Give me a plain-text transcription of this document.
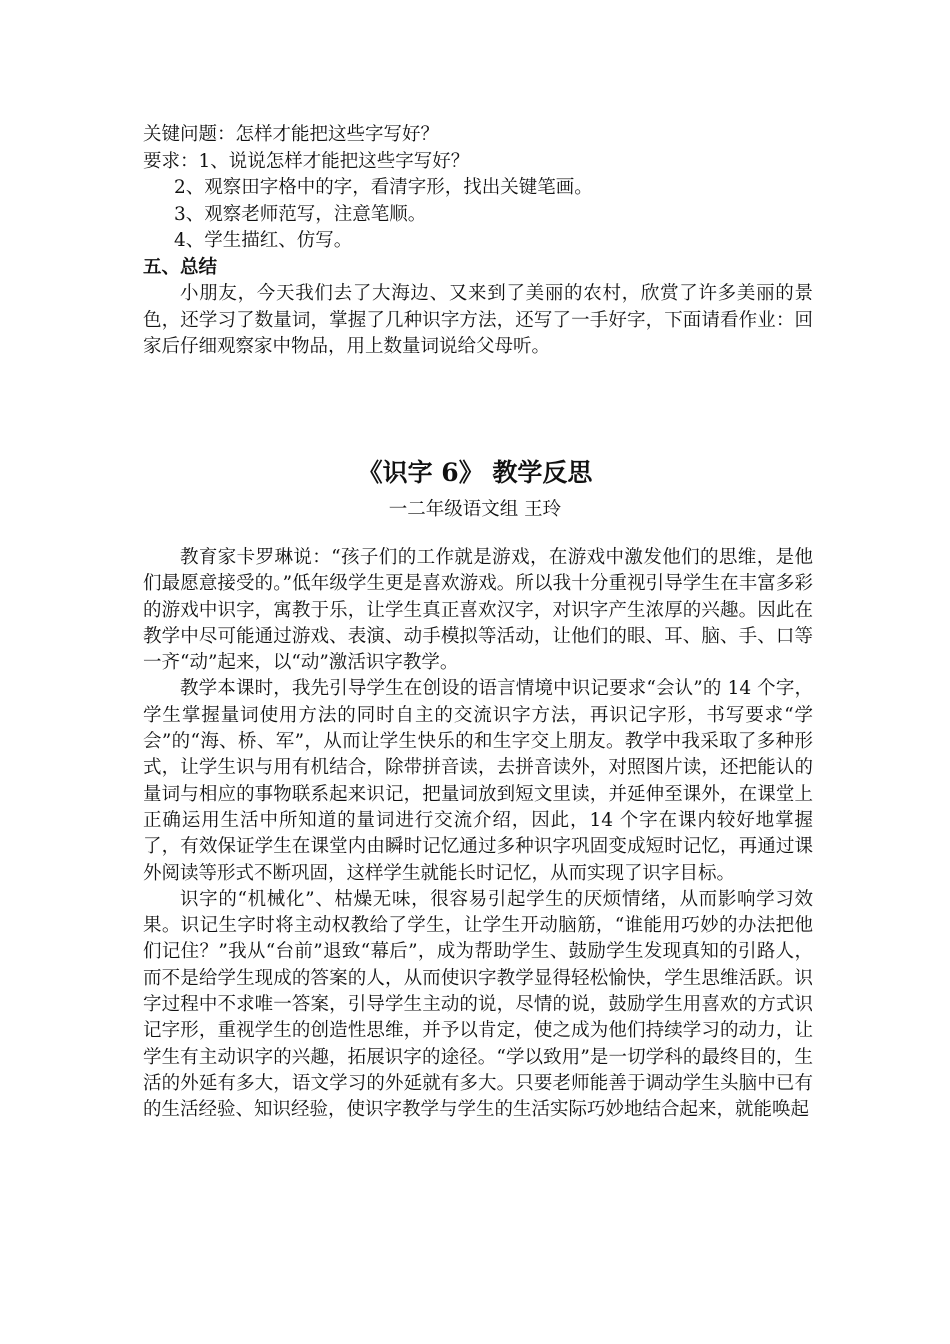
关键问题：怎样才能把这些字写好？
要求：1、说说怎样才能把这些字写好？
2、观察田字格中的字，看清字形，找出关键笔画。
3、观察老师范写，注意笔顺。
4、学生描红、仿写。
五、总结

小朋友，今天我们去了大海边、又来到了美丽的农村，欣赏了许多美丽的景色，还学习了数量词，掌握了几种识字方法，还写了一手好字，下面请看作业：回家后仔细观察家中物品，用上数量词说给父母听。

《识字 6》 教学反思
一二年级语文组 王玲

教育家卡罗琳说：“孩子们的工作就是游戏，在游戏中激发他们的思维，是他们最愿意接受的。”低年级学生更是喜欢游戏。所以我十分重视引导学生在丰富多彩的游戏中识字，寓教于乐，让学生真正喜欢汉字，对识字产生浓厚的兴趣。因此在教学中尽可能通过游戏、表演、动手模拟等活动，让他们的眼、耳、脑、手、口等一齐“动”起来，以“动”激活识字教学。

教学本课时，我先引导学生在创设的语言情境中识记要求“会认”的 14 个字，学生掌握量词使用方法的同时自主的交流识字方法，再识记字形，书写要求“学会”的“海、桥、军”，从而让学生快乐的和生字交上朋友。教学中我采取了多种形式，让学生识与用有机结合，除带拼音读，去拼音读外，对照图片读，还把能认的量词与相应的事物联系起来识记，把量词放到短文里读，并延伸至课外，在课堂上正确运用生活中所知道的量词进行交流介绍，因此，14 个字在课内较好地掌握了，有效保证学生在课堂内由瞬时记忆通过多种识字巩固变成短时记忆，再通过课外阅读等形式不断巩固，这样学生就能长时记忆，从而实现了识字目标。

识字的“机械化”、枯燥无味，很容易引起学生的厌烦情绪，从而影响学习效果。识记生字时将主动权教给了学生，让学生开动脑筋，“谁能用巧妙的办法把他们记住？”我从“台前”退致“幕后”，成为帮助学生、鼓励学生发现真知的引路人，而不是给学生现成的答案的人，从而使识字教学显得轻松愉快，学生思维活跃。识字过程中不求唯一答案，引导学生主动的说，尽情的说，鼓励学生用喜欢的方式识记字形，重视学生的创造性思维，并予以肯定，使之成为他们持续学习的动力，让学生有主动识字的兴趣，拓展识字的途径。“学以致用”是一切学科的最终目的，生活的外延有多大，语文学习的外延就有多大。只要老师能善于调动学生头脑中已有的生活经验、知识经验，使识字教学与学生的生活实际巧妙地结合起来，就能唤起
